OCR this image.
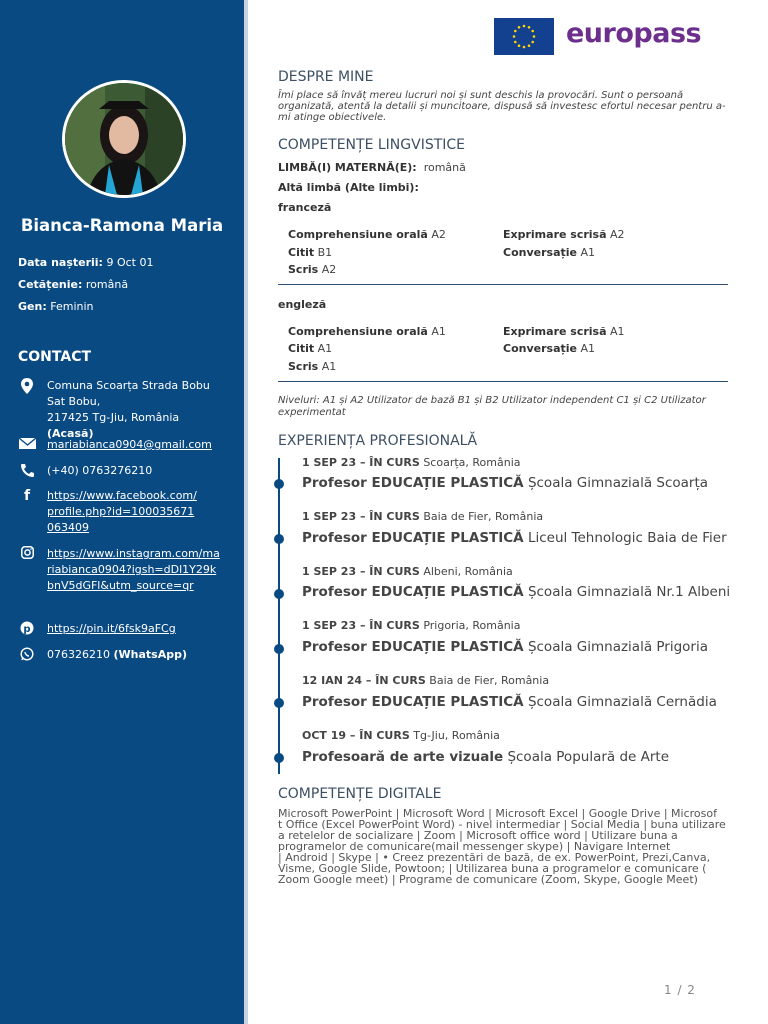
Bianca-Ramona Maria
Data nașterii: 9 Oct 01
Cetățenie: română
Gen: Feminin
CONTACT
Comuna Scoarța Strada Bobu
Sat Bobu,
217425 Tg-Jiu, România (Acasă)
mariabianca0904@gmail.com
(+40) 0763276210
f	https://www.facebook.com/profile.php?id=100035671063409
https://www.instagram.com/mariabianca0904?igsh=dDl1Y29kbnV5dGFl&utm_source=qr
p https://pin.it/6fsk9aFCg
076326210 (WhatsApp)
europass
DESPRE MINE
Îmi place să învăț mereu lucruri noi și sunt deschis la provocări. Sunt o persoană organizată, atentă la detalii și muncitoare, dispusă să investesc efortul necesar pentru a-mi atinge obiectivele.
COMPETENȚE LINGVISTICE
LIMBĂ(I) MATERNĂ(E): română
Altă limbă (Alte limbi):
franceză
Comprehensiune orală A2	Exprimare scrisă A2
Citit B1	Conversație A1
Scris A2
engleză
Comprehensiune orală A1	Exprimare scrisă A1
Citit A1	Conversație A1
Scris A1
Niveluri: A1 și A2 Utilizator de bază B1 și B2 Utilizator independent C1 și C2 Utilizator experimentat
EXPERIENȚA PROFESIONALĂ
1 SEP 23 – ÎN CURS Scoarța, România
Profesor EDUCAȚIE PLASTICĂ Școala Gimnazială Scoarța
1 SEP 23 – ÎN CURS Baia de Fier, România
Profesor EDUCAȚIE PLASTICĂ Liceul Tehnologic Baia de Fier
1 SEP 23 – ÎN CURS Albeni, România
Profesor EDUCAȚIE PLASTICĂ Școala Gimnazială Nr.1 Albeni
1 SEP 23 – ÎN CURS Prigoria, România
Profesor EDUCAȚIE PLASTICĂ Școala Gimnazială Prigoria
12 IAN 24 – ÎN CURS Baia de Fier, România
Profesor EDUCAȚIE PLASTICĂ Școala Gimnazială Cernădia
OCT 19 – ÎN CURS Tg-Jiu, România
Profesoară de arte vizuale Școala Populară de Arte
COMPETENȚE DIGITALE
Microsoft PowerPoint | Microsoft Word | Microsoft Excel | Google Drive | Microsof
t Office (Excel PowerPoint Word) - nivel intermediar | Social Media | buna utilizare
a retelelor de socializare | Zoom | Microsoft office word | Utilizare buna a
programelor de comunicare(mail messenger skype) | Navigare Internet
| Android | Skype | • Creez prezentări de bază, de ex. PowerPoint, Prezi,Canva,
Visme, Google Slide, Powtoon; | Utilizarea buna a programelor e comunicare (
Zoom Google meet) | Programe de comunicare (Zoom, Skype, Google Meet)
1 / 2
